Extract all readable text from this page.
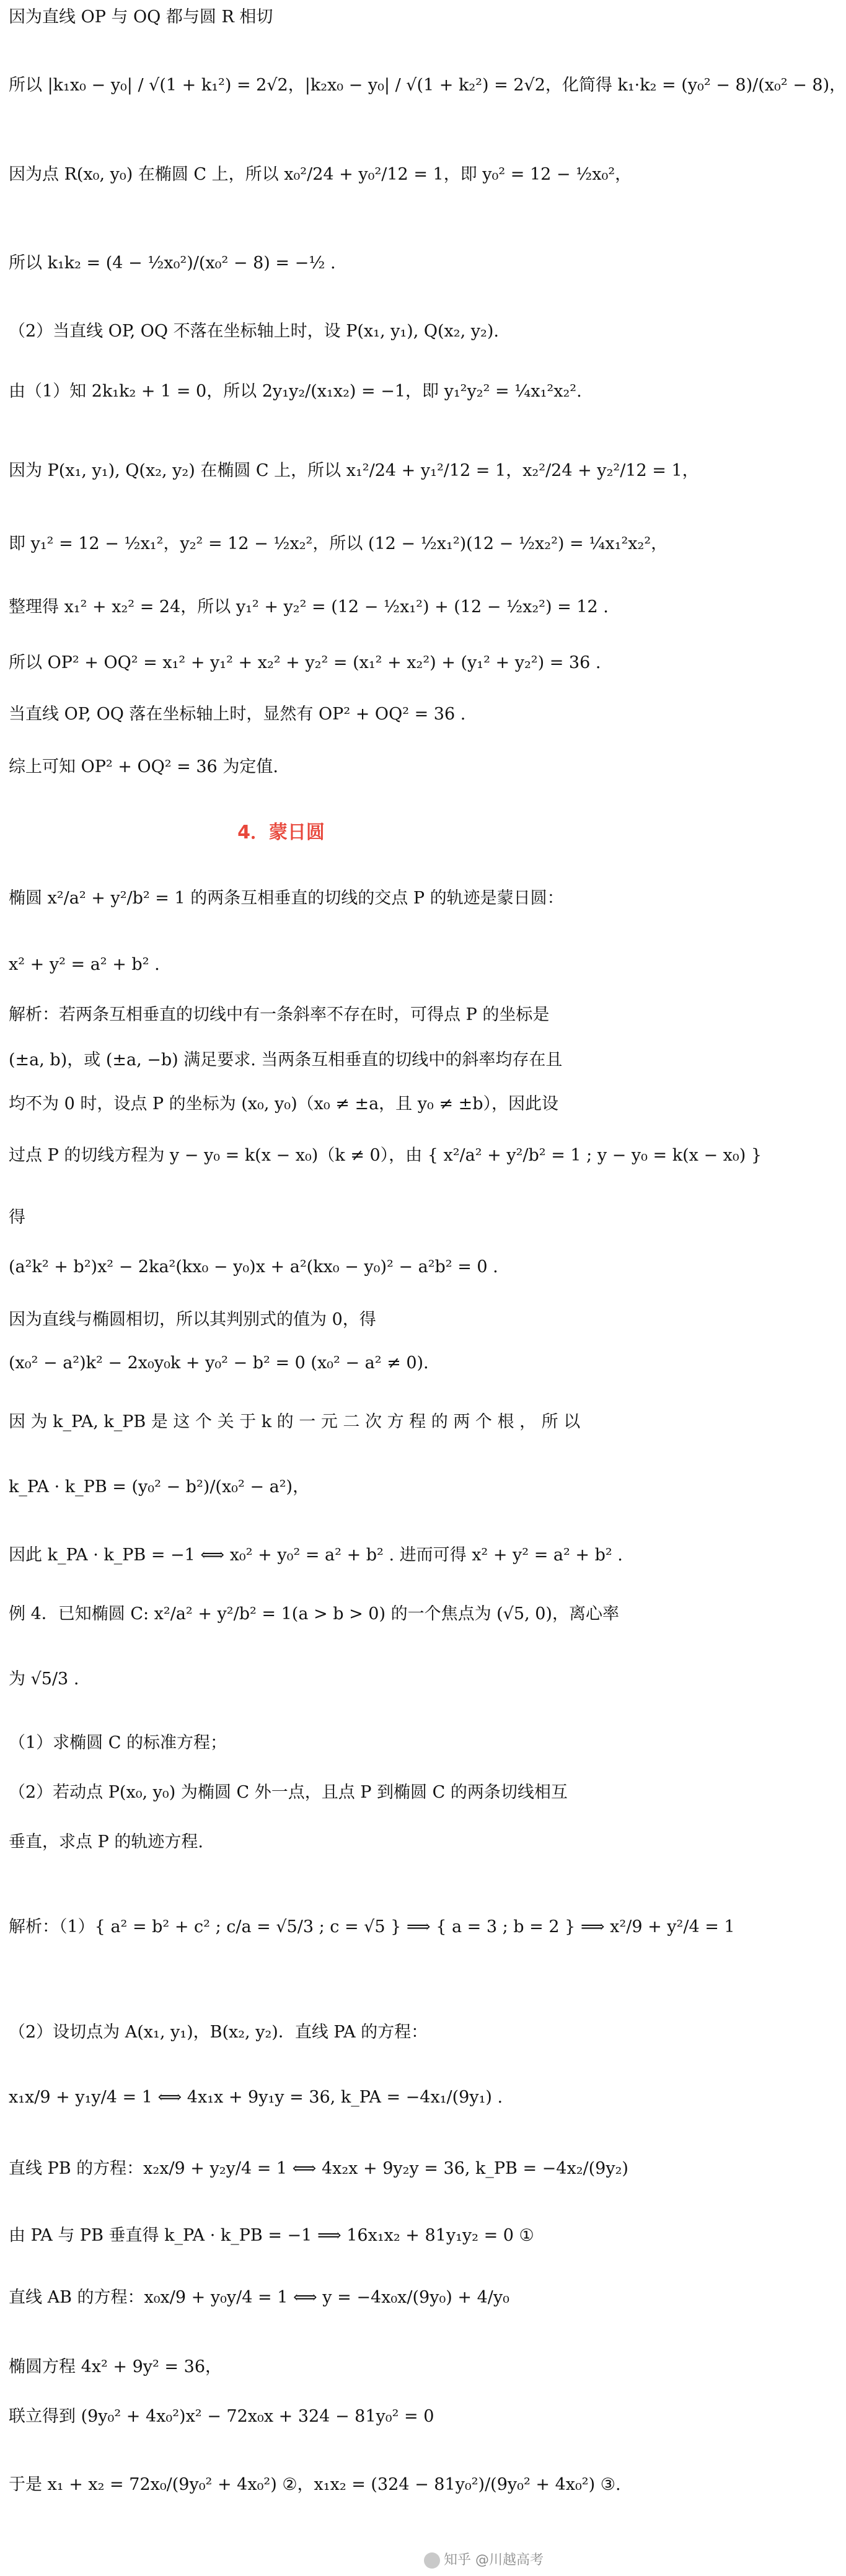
因为直线 OP 与 OQ 都与圆 R 相切
所以 |k₁x₀ − y₀| / √(1 + k₁²) = 2√2，|k₂x₀ − y₀| / √(1 + k₂²) = 2√2，化简得 k₁·k₂ = (y₀² − 8)/(x₀² − 8)，
因为点 R(x₀, y₀) 在椭圆 C 上，所以 x₀²/24 + y₀²/12 = 1，即 y₀² = 12 − ½x₀²，
所以 k₁k₂ = (4 − ½x₀²)/(x₀² − 8) = −½ .
（2）当直线 OP, OQ 不落在坐标轴上时，设 P(x₁, y₁), Q(x₂, y₂).
由（1）知 2k₁k₂ + 1 = 0，所以 2y₁y₂/(x₁x₂) = −1，即 y₁²y₂² = ¼x₁²x₂².
因为 P(x₁, y₁), Q(x₂, y₂) 在椭圆 C 上，所以 x₁²/24 + y₁²/12 = 1，x₂²/24 + y₂²/12 = 1，
即 y₁² = 12 − ½x₁²，y₂² = 12 − ½x₂²，所以 (12 − ½x₁²)(12 − ½x₂²) = ¼x₁²x₂²，
整理得 x₁² + x₂² = 24，所以 y₁² + y₂² = (12 − ½x₁²) + (12 − ½x₂²) = 12 .
所以 OP² + OQ² = x₁² + y₁² + x₂² + y₂² = (x₁² + x₂²) + (y₁² + y₂²) = 36 .
当直线 OP, OQ 落在坐标轴上时，显然有 OP² + OQ² = 36 .
综上可知 OP² + OQ² = 36 为定值.
椭圆 x²/a² + y²/b² = 1 的两条互相垂直的切线的交点 P 的轨迹是蒙日圆：
x² + y² = a² + b² .
解析：若两条互相垂直的切线中有一条斜率不存在时，可得点 P 的坐标是
(±a, b)，或 (±a, −b) 满足要求. 当两条互相垂直的切线中的斜率均存在且
均不为 0 时，设点 P 的坐标为 (x₀, y₀)（x₀ ≠ ±a，且 y₀ ≠ ±b），因此设
过点 P 的切线方程为 y − y₀ = k(x − x₀)（k ≠ 0），由 { x²/a² + y²/b² = 1 ; y − y₀ = k(x − x₀) }
得
(a²k² + b²)x² − 2ka²(kx₀ − y₀)x + a²(kx₀ − y₀)² − a²b² = 0 .
因为直线与椭圆相切，所以其判别式的值为 0，得
(x₀² − a²)k² − 2x₀y₀k + y₀² − b² = 0 (x₀² − a² ≠ 0).
因 为 k_PA, k_PB 是 这 个 关 于 k 的 一 元 二 次 方 程 的 两 个 根 ， 所 以
k_PA · k_PB = (y₀² − b²)/(x₀² − a²)，
因此 k_PA · k_PB = −1 ⟺ x₀² + y₀² = a² + b² . 进而可得 x² + y² = a² + b² .
例 4．已知椭圆 C: x²/a² + y²/b² = 1(a > b > 0) 的一个焦点为 (√5, 0)，离心率
为 √5/3 .
（1）求椭圆 C 的标准方程；
（2）若动点 P(x₀, y₀) 为椭圆 C 外一点，且点 P 到椭圆 C 的两条切线相互
垂直，求点 P 的轨迹方程.
解析：（1）{ a² = b² + c² ; c/a = √5/3 ; c = √5 } ⟹ { a = 3 ; b = 2 } ⟹ x²/9 + y²/4 = 1
（2）设切点为 A(x₁, y₁)，B(x₂, y₂)．直线 PA 的方程：
x₁x/9 + y₁y/4 = 1 ⟺ 4x₁x + 9y₁y = 36, k_PA = −4x₁/(9y₁) .
直线 PB 的方程：x₂x/9 + y₂y/4 = 1 ⟺ 4x₂x + 9y₂y = 36, k_PB = −4x₂/(9y₂)
由 PA 与 PB 垂直得 k_PA · k_PB = −1 ⟹ 16x₁x₂ + 81y₁y₂ = 0 ①
直线 AB 的方程：x₀x/9 + y₀y/4 = 1 ⟺ y = −4x₀x/(9y₀) + 4/y₀
椭圆方程 4x² + 9y² = 36，
联立得到 (9y₀² + 4x₀²)x² − 72x₀x + 324 − 81y₀² = 0
于是 x₁ + x₂ = 72x₀/(9y₀² + 4x₀²) ②，x₁x₂ = (324 − 81y₀²)/(9y₀² + 4x₀²) ③.
4．蒙日圆
知乎 @川越高考
